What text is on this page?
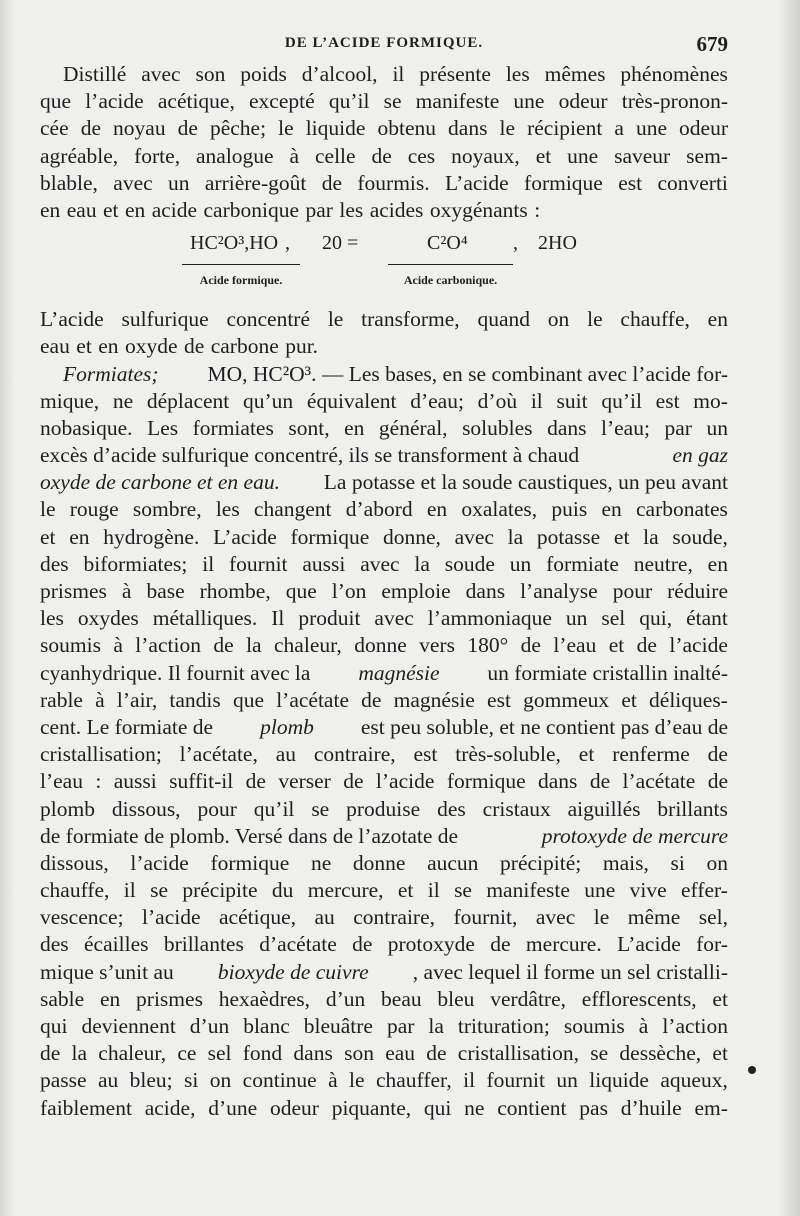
DE L’ACIDE FORMIQUE.	679
Distillé avec son poids d’alcool, il présente les mêmes phénomènes
que l’acide acétique, excepté qu’il se manifeste une odeur très-pronon-
cée de noyau de pêche; le liquide obtenu dans le récipient a une odeur
agréable, forte, analogue à celle de ces noyaux, et une saveur sem-
blable, avec un arrière-goût de fourmis. L’acide formique est converti
en eau et en acide carbonique par les acides oxygénants :
HC²O³,HO , 20 =	C²O⁴ , 2HO
Acide formique.	Acide carbonique.
L’acide sulfurique concentré le transforme, quand on le chauffe, en
eau et en oxyde de carbone pur.
Formiates; MO, HC²O³. — Les bases, en se combinant avec l’acide for-
mique, ne déplacent qu’un équivalent d’eau; d’où il suit qu’il est mo-
nobasique. Les formiates sont, en général, solubles dans l’eau; par un
excès d’acide sulfurique concentré, ils se transforment à chaud	en gaz
oxyde de carbone et en eau. La potasse et la soude caustiques, un peu avant
le rouge sombre, les changent d’abord en oxalates, puis en carbonates
et en hydrogène. L’acide formique donne, avec la potasse et la soude,
des biformiates; il fournit aussi avec la soude un formiate neutre, en
prismes à base rhombe, que l’on emploie dans l’analyse pour réduire
les oxydes métalliques. Il produit avec l’ammoniaque un sel qui, étant
soumis à l’action de la chaleur, donne vers 180° de l’eau et de l’acide
cyanhydrique. Il fournit avec la magnésie un formiate cristallin inalté-
rable à l’air, tandis que l’acétate de magnésie est gommeux et déliques-
cent. Le formiate de plomb est peu soluble, et ne contient pas d’eau de
cristallisation; l’acétate, au contraire, est très-soluble, et renferme de
l’eau : aussi suffit-il de verser de l’acide formique dans de l’acétate de
plomb dissous, pour qu’il se produise des cristaux aiguillés brillants
de formiate de plomb. Versé dans de l’azotate de	protoxyde de mercure
dissous, l’acide formique ne donne aucun précipité; mais, si on
chauffe, il se précipite du mercure, et il se manifeste une vive effer-
vescence; l’acide acétique, au contraire, fournit, avec le même sel,
des écailles brillantes d’acétate de protoxyde de mercure. L’acide for-
mique s’unit au bioxyde de cuivre , avec lequel il forme un sel cristalli-
sable en prismes hexaèdres, d’un beau bleu verdâtre, efflorescents, et
qui deviennent d’un blanc bleuâtre par la trituration; soumis à l’action
de la chaleur, ce sel fond dans son eau de cristallisation, se dessèche, et
passe au bleu; si on continue à le chauffer, il fournit un liquide aqueux,
faiblement acide, d’une odeur piquante, qui ne contient pas d’huile em-
